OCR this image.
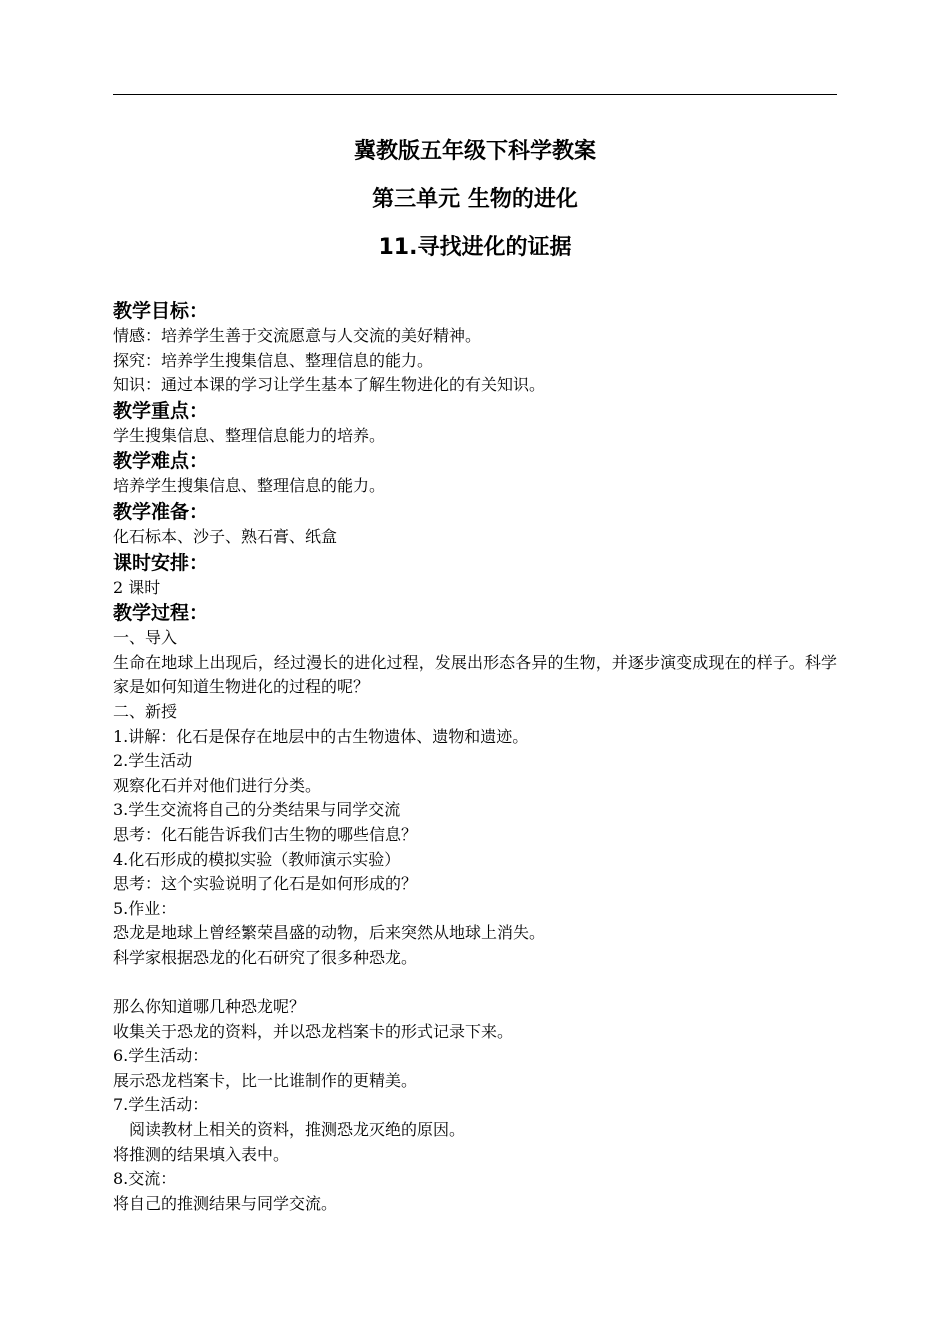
冀教版五年级下科学教案
第三单元 生物的进化
11.寻找进化的证据
教学目标：
情感：培养学生善于交流愿意与人交流的美好精神。
探究：培养学生搜集信息、整理信息的能力。
知识：通过本课的学习让学生基本了解生物进化的有关知识。
教学重点：
学生搜集信息、整理信息能力的培养。
教学难点：
培养学生搜集信息、整理信息的能力。
教学准备：
化石标本、沙子、熟石膏、纸盒
课时安排：
2 课时
教学过程：
一、导入
生命在地球上出现后，经过漫长的进化过程，发展出形态各异的生物，并逐步演变成现在的样子。科学家是如何知道生物进化的过程的呢？
二、新授
1.讲解：化石是保存在地层中的古生物遗体、遗物和遗迹。
2.学生活动
观察化石并对他们进行分类。
3.学生交流将自己的分类结果与同学交流
思考：化石能告诉我们古生物的哪些信息？
4.化石形成的模拟实验（教师演示实验）
思考：这个实验说明了化石是如何形成的？
5.作业：
恐龙是地球上曾经繁荣昌盛的动物，后来突然从地球上消失。
科学家根据恐龙的化石研究了很多种恐龙。
那么你知道哪几种恐龙呢？
收集关于恐龙的资料，并以恐龙档案卡的形式记录下来。
6.学生活动：
展示恐龙档案卡，比一比谁制作的更精美。
7.学生活动：
阅读教材上相关的资料，推测恐龙灭绝的原因。
将推测的结果填入表中。
8.交流：
将自己的推测结果与同学交流。
